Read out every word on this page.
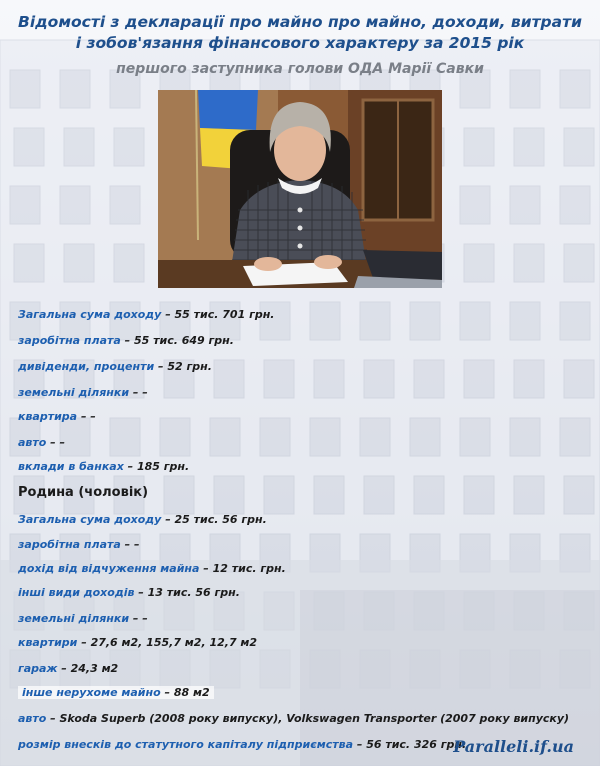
Відомості з декларації про майно про майно, доходи, витрати

і зобов'язання фінансового характеру за 2015 рік

першого заступника голови ОДА Марії Савки
Загальна сума доходу – 55 тис. 701 грн.
заробітна плата – 55 тис. 649 грн.
дивіденди, проценти – 52 грн.
земельні ділянки – –
квартира – –
авто – –
вклади в банках – 185 грн.
Родина (чоловік)
Загальна сума доходу – 25 тис. 56 грн.
заробітна плата – –
дохід від відчуження майна – 12 тис. грн.
інші види доходів – 13 тис. 56 грн.
земельні ділянки – –
квартири – 27,6 м2, 155,7 м2, 12,7 м2
гараж – 24,3 м2
інше нерухоме майно – 88 м2
авто – Skoda Superb (2008 року випуску), Volkswagen Transporter (2007 року випуску)
розмір внесків до статутного капіталу підприємства – 56 тис. 326 грн.
Paralleli.if.ua
